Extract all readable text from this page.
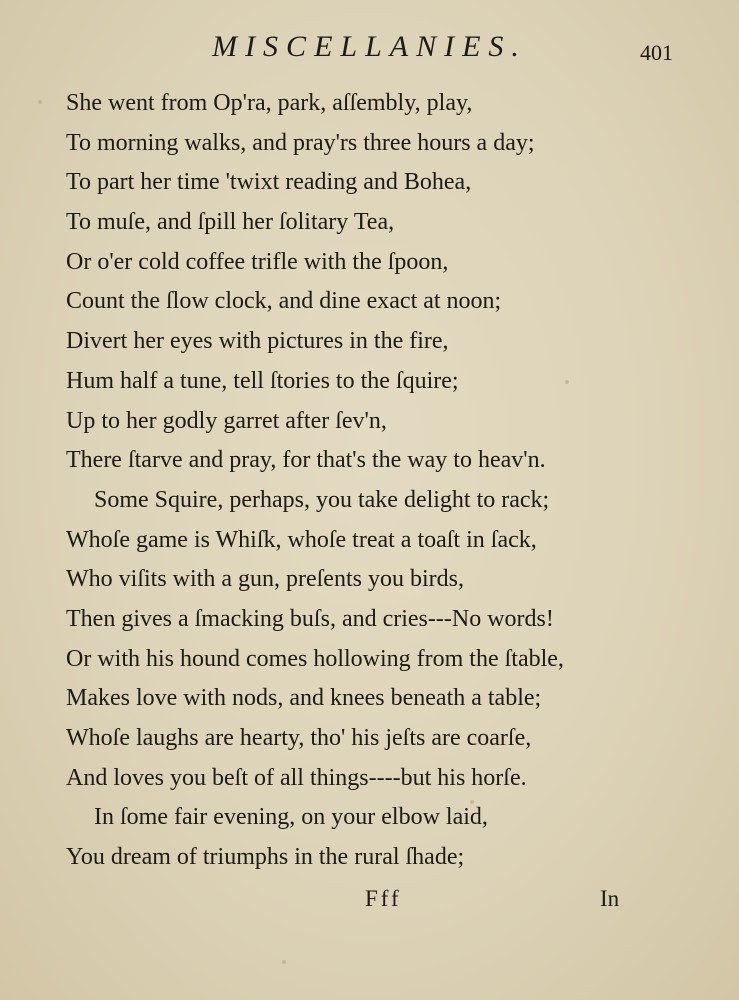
MISCELLANIES.	401
She went from Op'ra, park, aſſembly, play,
To morning walks, and pray'rs three hours a day;
To part her time 'twixt reading and Bohea,
To muſe, and ſpill her ſolitary Tea,
Or o'er cold coffee trifle with the ſpoon,
Count the ſlow clock, and dine exact at noon;
Divert her eyes with pictures in the fire,
Hum half a tune, tell ſtories to the ſquire;
Up to her godly garret after ſev'n,
There ſtarve and pray, for that's the way to heav'n.
Some Squire, perhaps, you take delight to rack;
Whoſe game is Whiſk, whoſe treat a toaſt in ſack,
Who viſits with a gun, preſents you birds,
Then gives a ſmacking buſs, and cries---No words!
Or with his hound comes hollowing from the ſtable,
Makes love with nods, and knees beneath a table;
Whoſe laughs are hearty, tho' his jeſts are coarſe,
And loves you beſt of all things----but his horſe.
In ſome fair evening, on your elbow laid,
You dream of triumphs in the rural ſhade;
Fff	In
